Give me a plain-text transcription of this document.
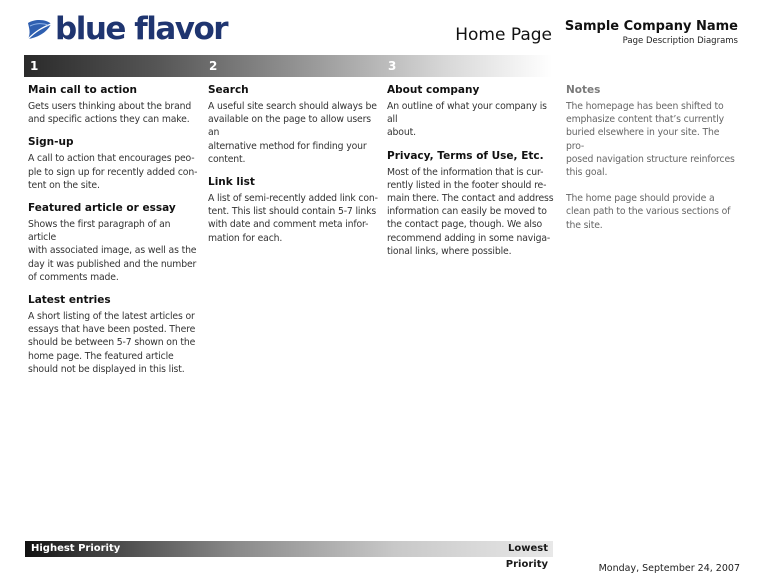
blue flavor	Home Page Sample Company Name
Page Description Diagrams
1	2	3
Main call to action
Gets users thinking about the brand
and specific actions they can make.
Sign-up
A call to action that encourages peo-
ple to sign up for recently added con-
tent on the site.
Featured article or essay
Shows the first paragraph of an article
with associated image, as well as the
day it was published and the number
of comments made.
Latest entries
A short listing of the latest articles or
essays that have been posted. There
should be between 5-7 shown on the
home page. The featured article
should not be displayed in this list.
Search
A useful site search should always be
available on the page to allow users an
alternative method for finding your
content.
Link list
A list of semi-recently added link con-
tent. This list should contain 5-7 links
with date and comment meta infor-
mation for each.
About company
An outline of what your company is all
about.
Privacy, Terms of Use, Etc.
Most of the information that is cur-
rently listed in the footer should re-
main there. The contact and address
information can easily be moved to
the contact page, though. We also
recommend adding in some naviga-
tional links, where possible.
Notes
The homepage has been shifted to
emphasize content that’s currently
buried elsewhere in your site. The pro-
posed navigation structure reinforces
this goal.
The home page should provide a
clean path to the various sections of
the site.
Highest Priority	Lowest Priority	Monday, September 24, 2007
